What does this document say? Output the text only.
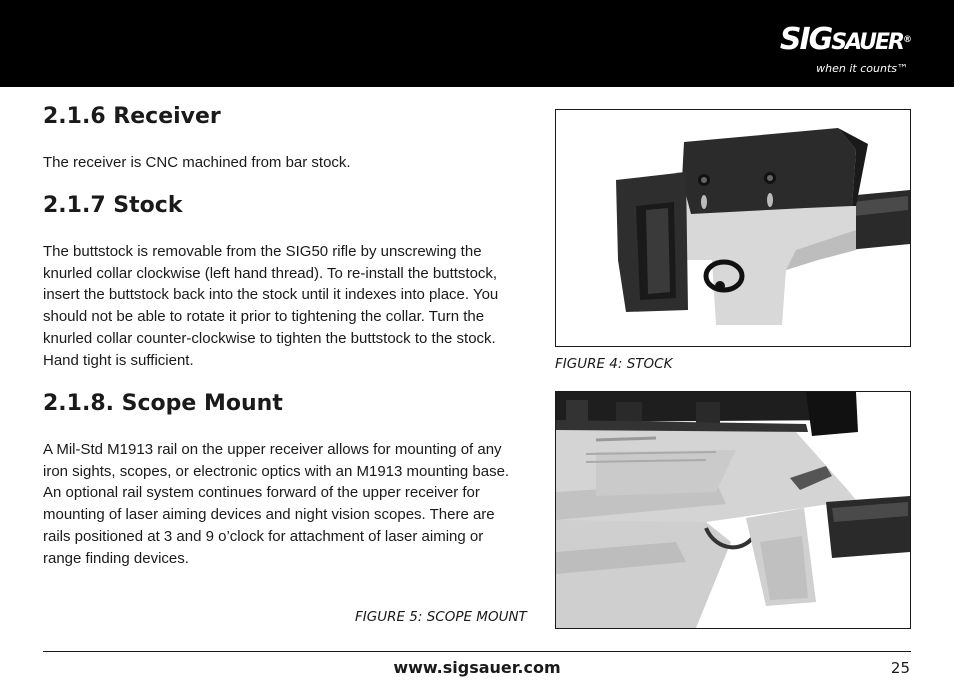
SIGSAUER®
when it counts™
2.1.6 Receiver
The receiver is CNC machined from bar stock.
2.1.7 Stock
The buttstock is removable from the SIG50 rifle by unscrewing the
knurled collar clockwise (left hand thread). To re-install the buttstock,
insert the buttstock back into the stock until it indexes into place. You
should not be able to rotate it prior to tightening the collar. Turn the
knurled collar counter-clockwise to tighten the buttstock to the stock.
Hand tight is sufficient.
2.1.8. Scope Mount
A Mil-Std M1913 rail on the upper receiver allows for mounting of any
iron sights, scopes, or electronic optics with an M1913 mounting base.
An optional rail system continues forward of the upper receiver for
mounting of laser aiming devices and night vision scopes. There are
rails positioned at 3 and 9 o’clock for attachment of laser aiming or
range finding devices.
FIGURE 4: STOCK
FIGURE 5: SCOPE MOUNT
www.sigsauer.com	25
